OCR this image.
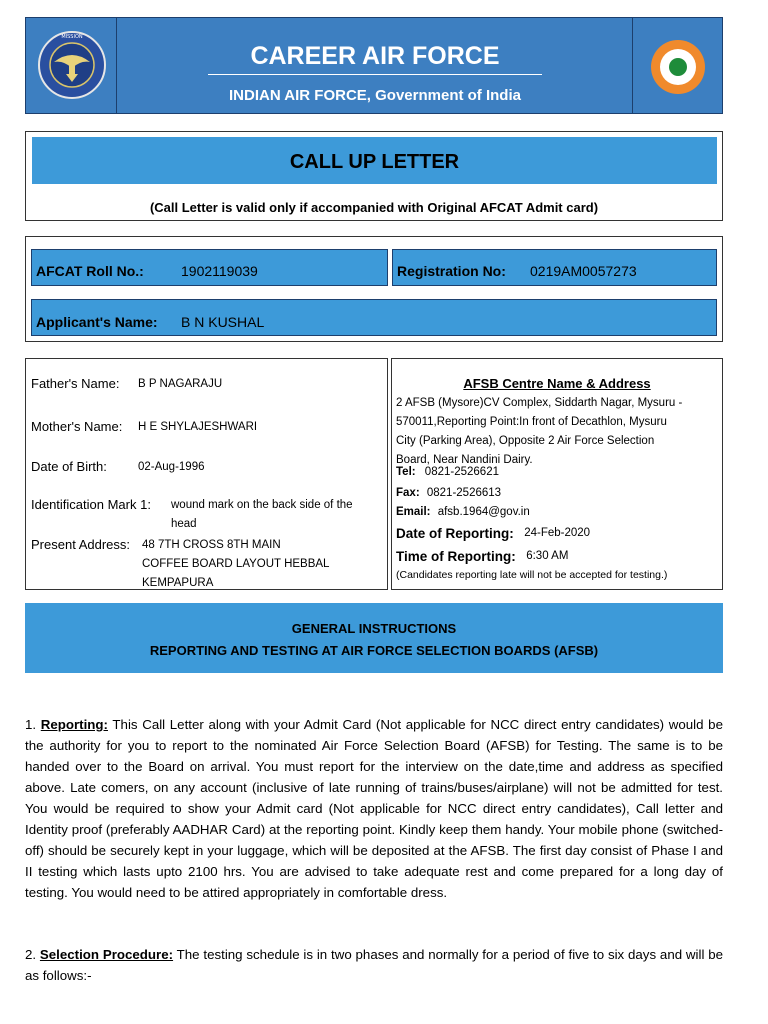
MISSION
CAREER AIR FORCE
INDIAN AIR FORCE, Government of India
CALL UP LETTER
(Call Letter is valid only if accompanied with Original AFCAT Admit card)
AFCAT Roll No.:	1902119039	Registration No: 0219AM0057273
Applicant's Name: B N KUSHAL
Father's Name: B P NAGARAJU
Mother's Name: H E SHYLAJESHWARI
Date of Birth:	02-Aug-1996
Identification Mark 1: wound mark on the back side of the
head
Present Address: 48 7TH CROSS 8TH MAIN
COFFEE BOARD LAYOUT HEBBAL
KEMPAPURA
AFSB Centre Name & Address
2 AFSB (Mysore)CV Complex, Siddarth Nagar, Mysuru -
570011,Reporting Point:In front of Decathlon, Mysuru
City (Parking Area), Opposite 2 Air Force Selection
Board, Near Nandini Dairy.
Tel: 0821-2526621
Fax: 0821-2526613
Email: afsb.1964@gov.in
Date of Reporting: 24-Feb-2020
Time of Reporting: 6:30 AM
(Candidates reporting late will not be accepted for testing.)
GENERAL INSTRUCTIONS
REPORTING AND TESTING AT AIR FORCE SELECTION BOARDS (AFSB)
1. Reporting: This Call Letter along with your Admit Card (Not applicable for NCC direct entry candidates) would be the authority for you to report to the nominated Air Force Selection Board (AFSB) for Testing. The same is to be handed over to the Board on arrival. You must report for the interview on the date,time and address as specified above. Late comers, on any account (inclusive of late running of trains/buses/airplane) will not be admitted for test. You would be required to show your Admit card (Not applicable for NCC direct entry candidates), Call letter and Identity proof (preferably AADHAR Card) at the reporting point. Kindly keep them handy. Your mobile phone (switched-off) should be securely kept in your luggage, which will be deposited at the AFSB. The first day consist of Phase I and II testing which lasts upto 2100 hrs. You are advised to take adequate rest and come prepared for a long day of testing. You would need to be attired appropriately in comfortable dress.
2. Selection Procedure: The testing schedule is in two phases and normally for a period of five to six days and will be as follows:-
